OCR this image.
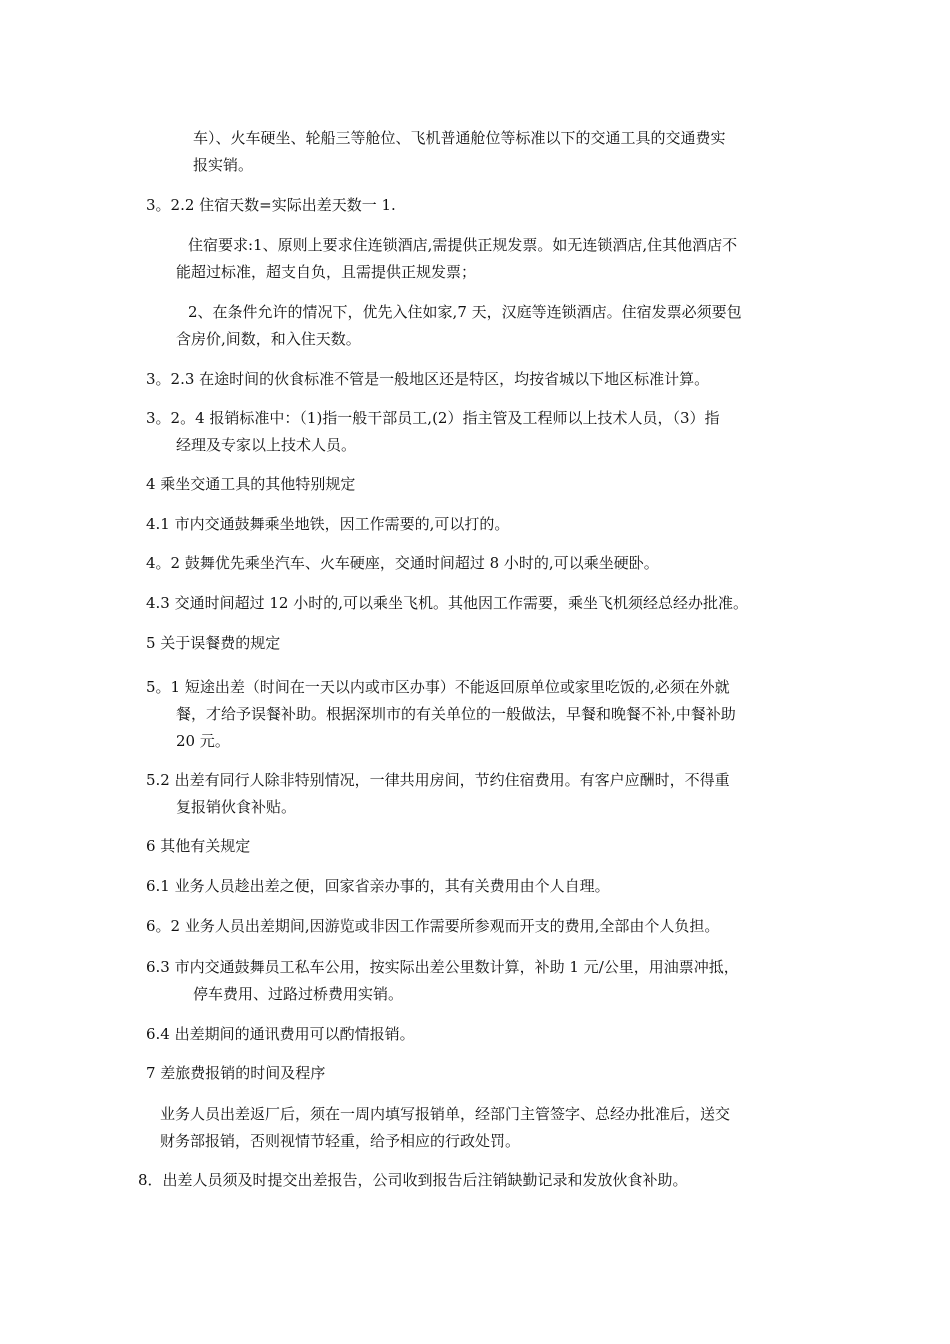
车）、火车硬坐、轮船三等舱位、飞机普通舱位等标准以下的交通工具的交通费实
报实销。
3。2.2 住宿天数=实际出差天数一 1.
住宿要求:1、原则上要求住连锁酒店,需提供正规发票。如无连锁酒店,住其他酒店不
能超过标准，超支自负，且需提供正规发票；
2、在条件允许的情况下，优先入住如家,7 天，汉庭等连锁酒店。住宿发票必须要包
含房价,间数，和入住天数。
3。2.3 在途时间的伙食标准不管是一般地区还是特区，均按省城以下地区标准计算。
3。2。4 报销标准中：（1)指一般干部员工,(2）指主管及工程师以上技术人员，（3）指
经理及专家以上技术人员。
4 乘坐交通工具的其他特别规定
4.1 市内交通鼓舞乘坐地铁，因工作需要的,可以打的。
4。2 鼓舞优先乘坐汽车、火车硬座，交通时间超过 8 小时的,可以乘坐硬卧。
4.3 交通时间超过 12 小时的,可以乘坐飞机。其他因工作需要，乘坐飞机须经总经办批准。
5 关于误餐费的规定
5。1 短途出差（时间在一天以内或市区办事）不能返回原单位或家里吃饭的,必须在外就
餐，才给予误餐补助。根据深圳市的有关单位的一般做法，早餐和晚餐不补,中餐补助
20 元。
5.2 出差有同行人除非特别情况，一律共用房间，节约住宿费用。有客户应酬时，不得重
复报销伙食补贴。
6 其他有关规定
6.1 业务人员趁出差之便，回家省亲办事的，其有关费用由个人自理。
6。2 业务人员出差期间,因游览或非因工作需要所参观而开支的费用,全部由个人负担。
6.3 市内交通鼓舞员工私车公用，按实际出差公里数计算，补助 1 元/公里，用油票冲抵，
停车费用、过路过桥费用实销。
6.4 出差期间的通讯费用可以酌情报销。
7 差旅费报销的时间及程序
业务人员出差返厂后，须在一周内填写报销单，经部门主管签字、总经办批准后，送交
财务部报销，否则视情节轻重，给予相应的行政处罚。
8．出差人员须及时提交出差报告，公司收到报告后注销缺勤记录和发放伙食补助。
